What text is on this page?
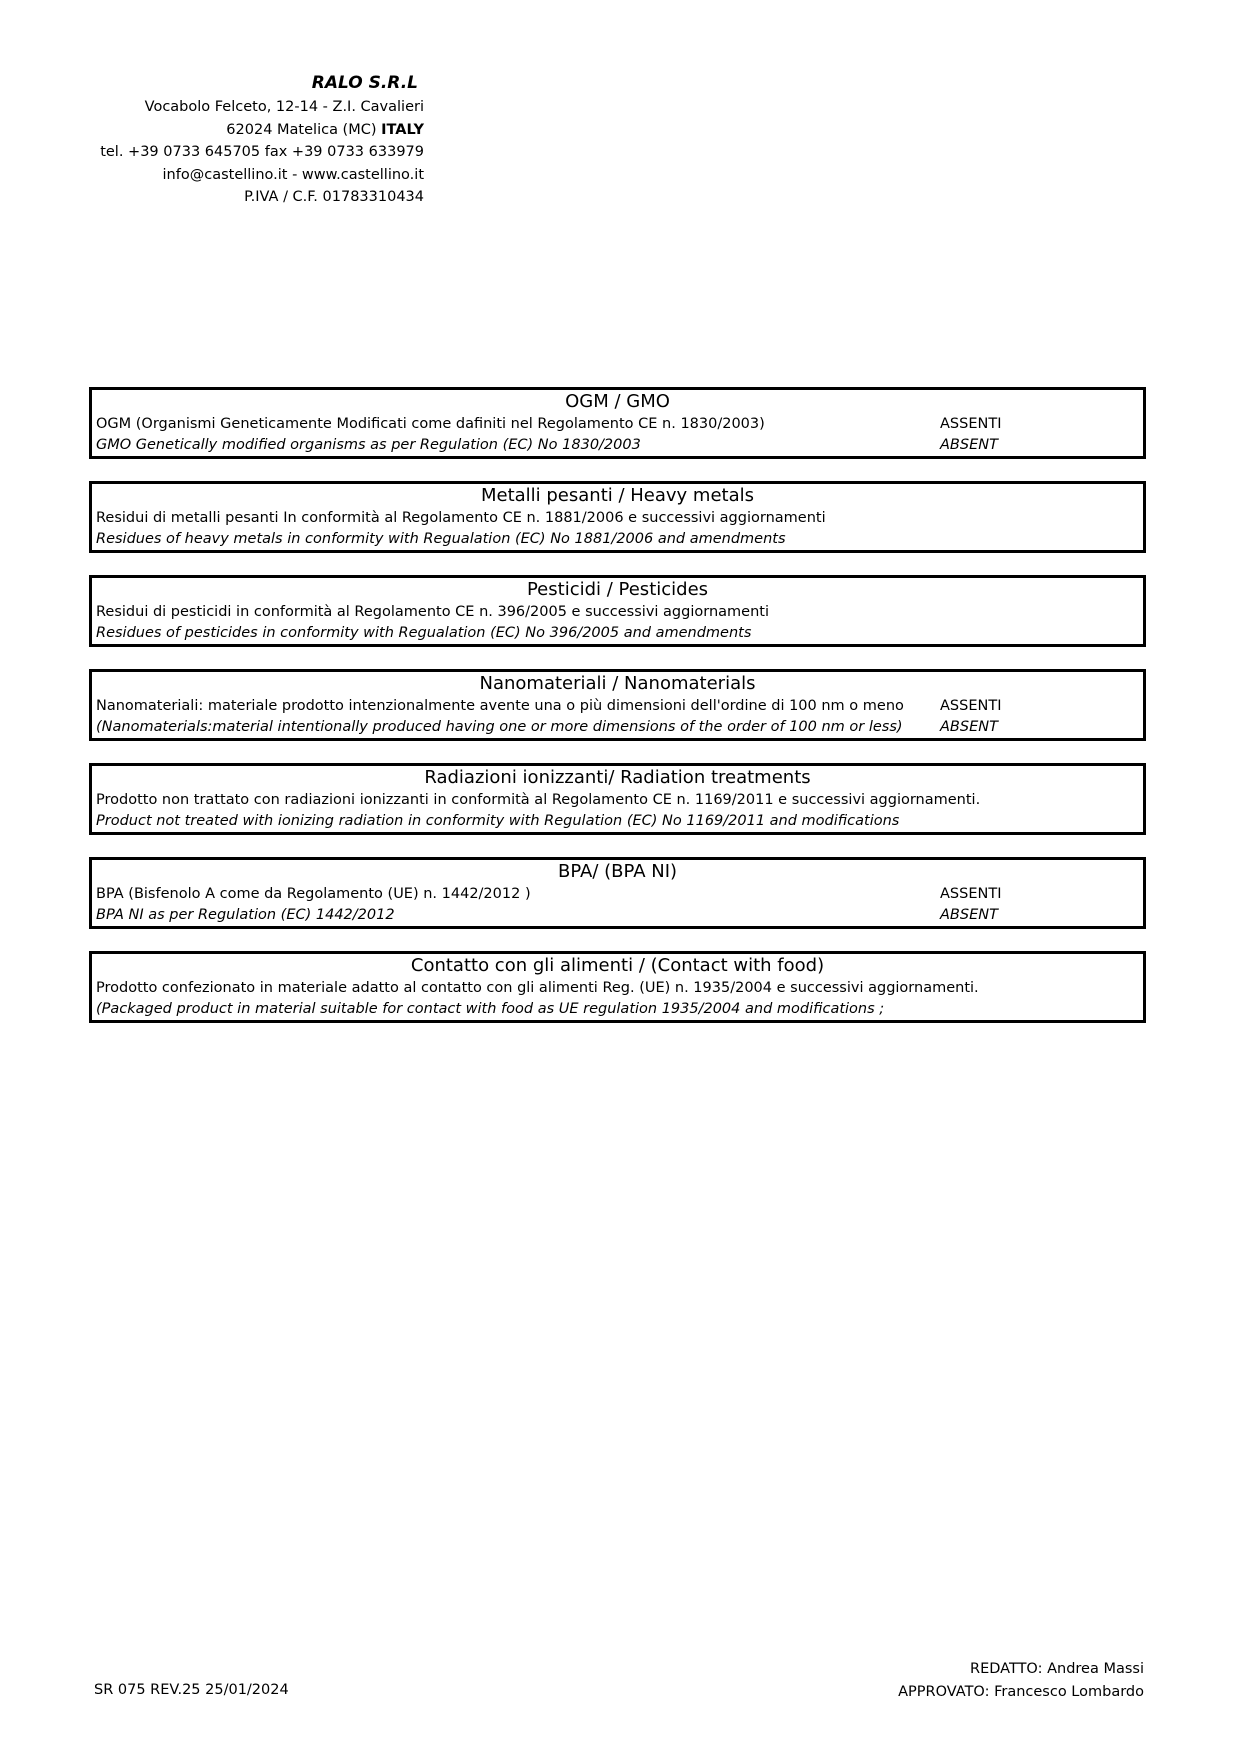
RALO S.R.L
Vocabolo Felceto, 12-14 - Z.I. Cavalieri
62024 Matelica (MC) ITALY
tel. +39 0733 645705 fax +39 0733 633979
info@castellino.it - www.castellino.it
P.IVA / C.F. 01783310434
OGM / GMO
OGM (Organismi Geneticamente Modificati come dafiniti nel Regolamento CE n. 1830/2003)	ASSENTI
GMO Genetically modified organisms as per Regulation (EC) No 1830/2003	ABSENT
Metalli pesanti / Heavy metals
Residui di metalli pesanti In conformità al Regolamento CE n. 1881/2006 e successivi aggiornamenti
Residues of heavy metals in conformity with Regualation (EC) No 1881/2006 and amendments
Pesticidi / Pesticides
Residui di pesticidi in conformità al Regolamento CE n. 396/2005 e successivi aggiornamenti
Residues of pesticides in conformity with Regualation (EC) No 396/2005 and amendments
Nanomateriali / Nanomaterials
Nanomateriali: materiale prodotto intenzionalmente avente una o più dimensioni dell'ordine di 100 nm o meno ASSENTI
(Nanomaterials:material intentionally produced having one or more dimensions of the order of 100 nm or less)	ABSENT
Radiazioni ionizzanti/ Radiation treatments
Prodotto non trattato con radiazioni ionizzanti in conformità al Regolamento CE n. 1169/2011 e successivi aggiornamenti.
Product not treated with ionizing radiation in conformity with Regulation (EC) No 1169/2011 and modifications
BPA/ (BPA NI)
BPA (Bisfenolo A come da Regolamento (UE) n. 1442/2012 )	ASSENTI
BPA NI as per Regulation (EC) 1442/2012	ABSENT
Contatto con gli alimenti / (Contact with food)
Prodotto confezionato in materiale adatto al contatto con gli alimenti Reg. (UE) n. 1935/2004 e successivi aggiornamenti.
(Packaged product in material suitable for contact with food as UE regulation 1935/2004 and modifications ;
SR 075 REV.25 25/01/2024
REDATTO: Andrea Massi
APPROVATO: Francesco Lombardo
